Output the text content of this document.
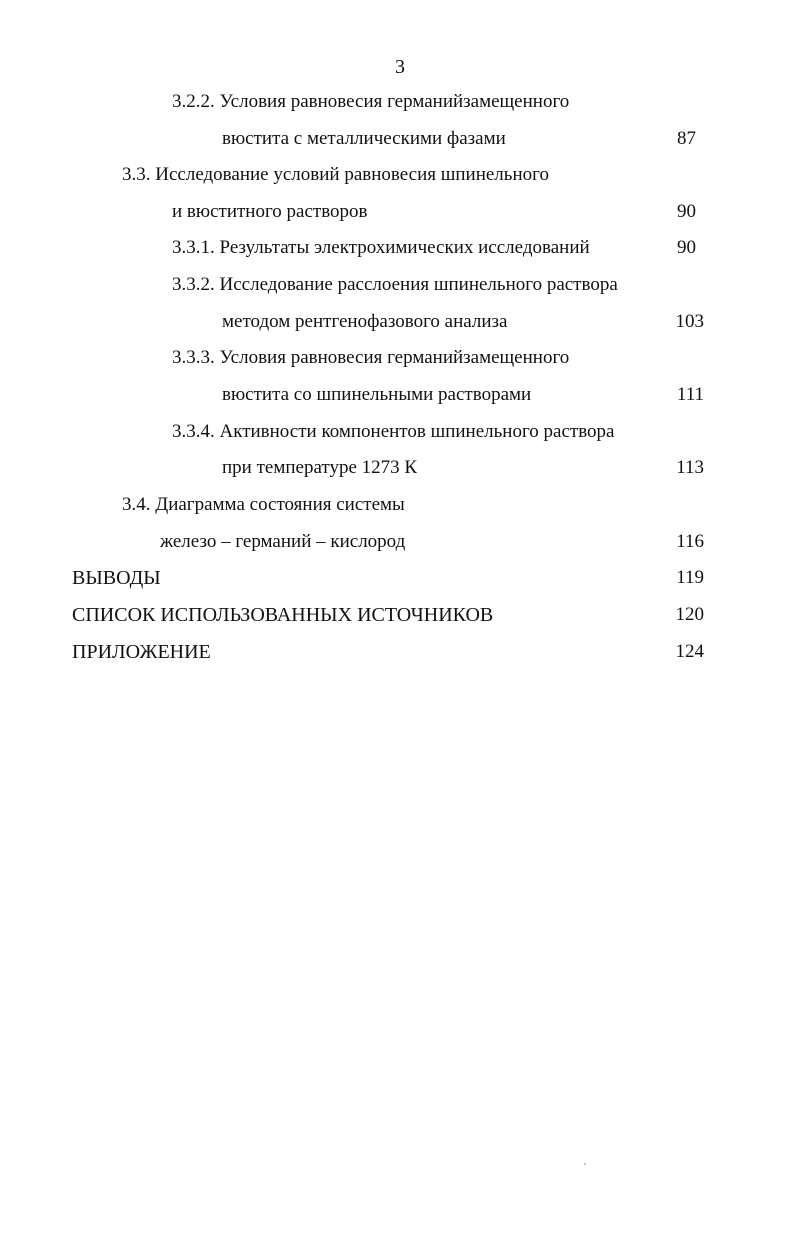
3
3.2.2. Условия равновесия германийзамещенного
вюстита с металлическими фазами	87
3.3. Исследование условий равновесия шпинельного
и вюститного растворов	90
3.3.1. Результаты электрохимических исследований	90
3.3.2. Исследование расслоения шпинельного раствора
методом рентгенофазового анализа	103
3.3.3. Условия равновесия германийзамещенного
вюстита со шпинельными растворами	111
3.3.4. Активности компонентов шпинельного раствора
при температуре 1273 К	113
3.4. Диаграмма состояния системы
железо – германий – кислород	116
ВЫВОДЫ	119
СПИСОК ИСПОЛЬЗОВАННЫХ ИСТОЧНИКОВ	120
ПРИЛОЖЕНИЕ	124
